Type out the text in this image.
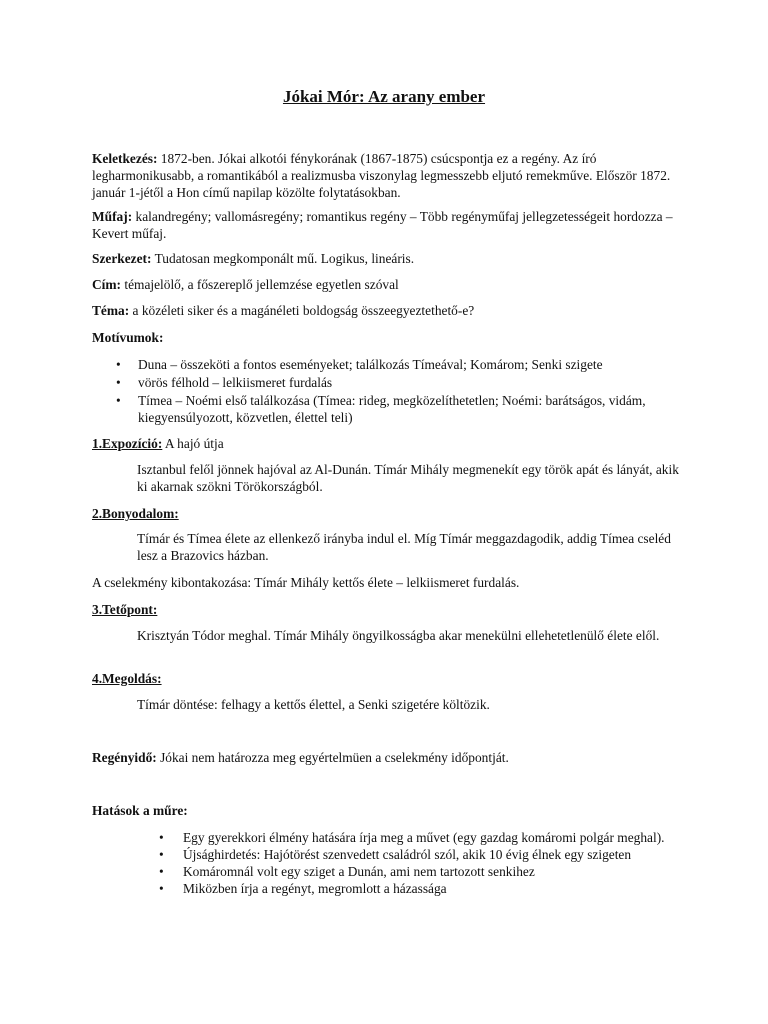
Jókai Mór: Az arany ember

Keletkezés: 1872-ben. Jókai alkotói fénykorának (1867-1875) csúcspontja ez a regény. Az író legharmonikusabb, a romantikából a realizmusba viszonylag legmesszebb eljutó remekműve. Először 1872. január 1-jétől a Hon című napilap közölte folytatásokban.

Műfaj: kalandregény; vallomásregény; romantikus regény – Több regényműfaj jellegzetességeit hordozza – Kevert műfaj.

Szerkezet: Tudatosan megkomponált mű. Logikus, lineáris.

Cím: témajelölő, a főszereplő jellemzése egyetlen szóval

Téma: a közéleti siker és a magánéleti boldogság összeegyeztethető-e?

Motívumok:

• Duna – összeköti a fontos eseményeket; találkozás Tímeával; Komárom; Senki szigete
• vörös félhold – lelkiismeret furdalás
• Tímea – Noémi első találkozása (Tímea: rideg, megközelíthetetlen; Noémi: barátságos, vidám, kiegyensúlyozott, közvetlen, élettel teli)

1.Expozíció: A hajó útja

Isztanbul felől jönnek hajóval az Al-Dunán. Tímár Mihály megmenekít egy török apát és lányát, akik ki akarnak szökni Törökországból.

2.Bonyodalom:

Tímár és Tímea élete az ellenkező irányba indul el. Míg Tímár meggazdagodik, addig Tímea cseléd lesz a Brazovics házban.

A cselekmény kibontakozása: Tímár Mihály kettős élete – lelkiismeret furdalás.

3.Tetőpont:

Krisztyán Tódor meghal. Tímár Mihály öngyilkosságba akar menekülni ellehetetlenülő élete elől.

4.Megoldás:

Tímár döntése: felhagy a kettős élettel, a Senki szigetére költözik.

Regényidő: Jókai nem határozza meg egyértelmüen a cselekmény időpontját.

Hatások a műre:

• Egy gyerekkori élmény hatására írja meg a művet (egy gazdag komáromi polgár meghal).
• Újsághirdetés: Hajótörést szenvedett családról szól, akik 10 évig élnek egy szigeten
• Komáromnál volt egy sziget a Dunán, ami nem tartozott senkihez
• Miközben írja a regényt, megromlott a házassága
